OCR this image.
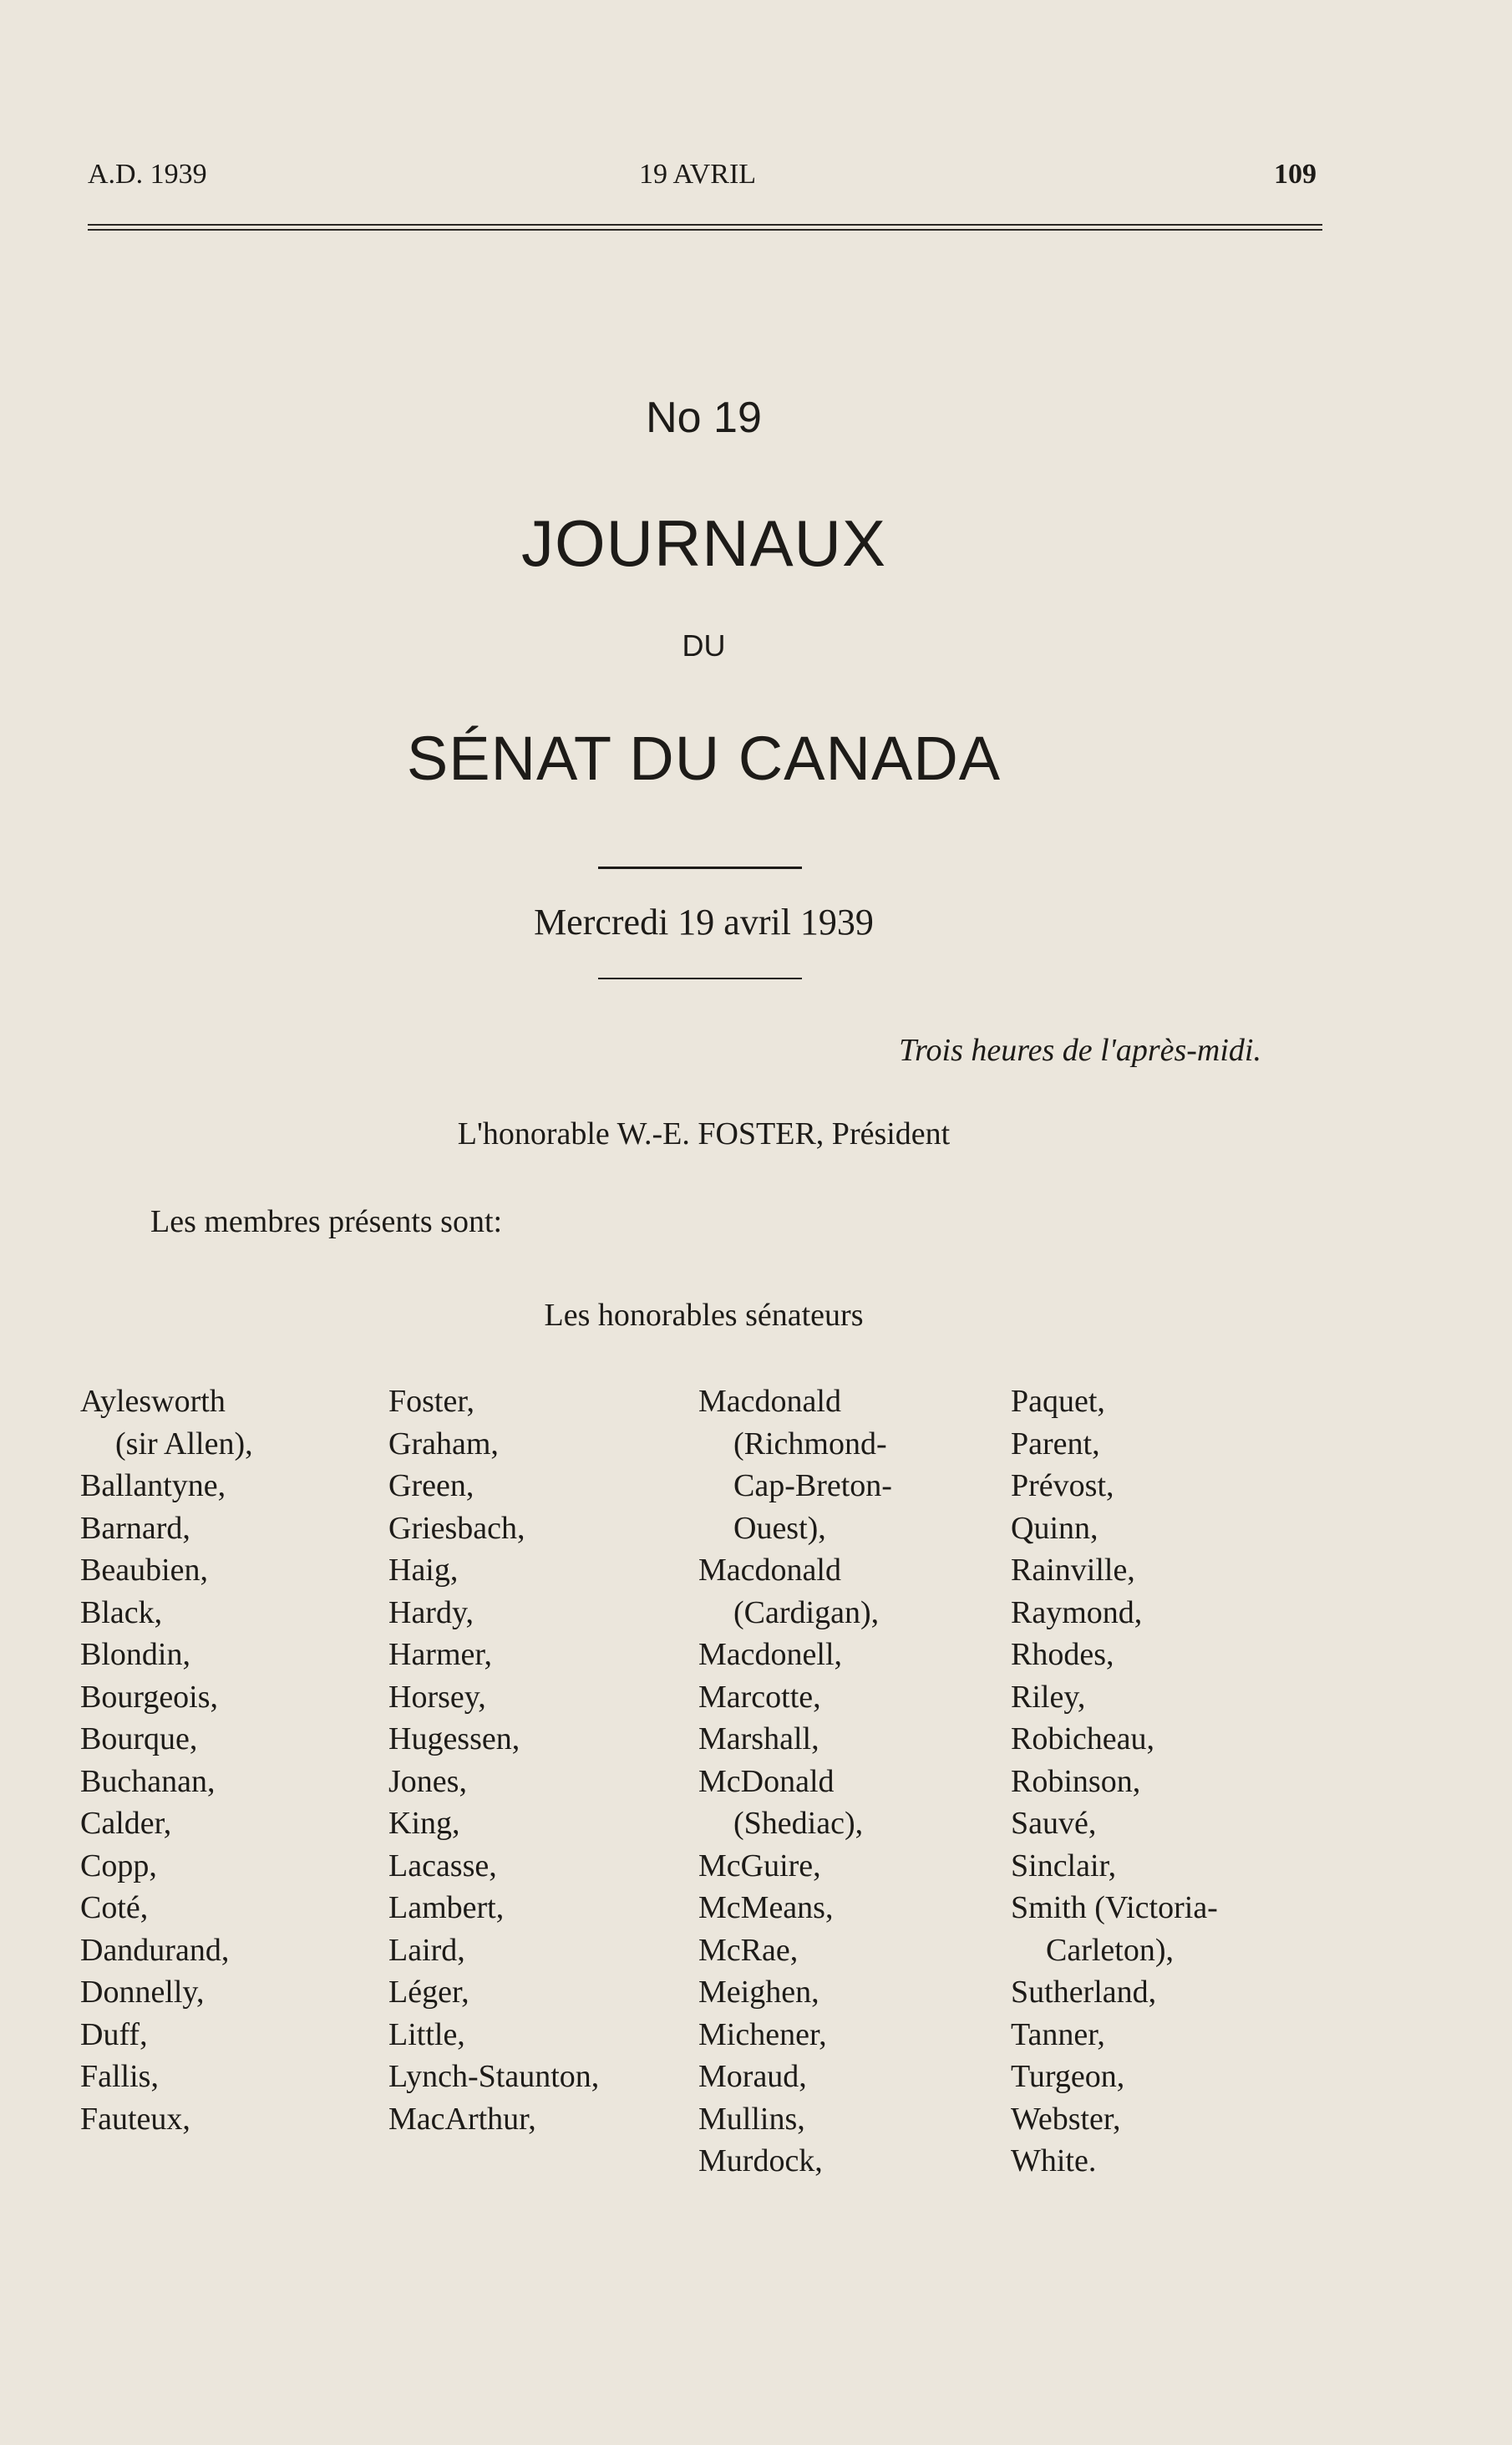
A.D. 1939	19 AVRIL	109
No 19
JOURNAUX
DU
SÉNAT DU CANADA
Mercredi 19 avril 1939
Trois heures de l'après-midi.
L'honorable W.-E. FOSTER, Président
Les membres présents sont:
Les honorables sénateurs
Aylesworth
(sir Allen),
Ballantyne,
Barnard,
Beaubien,
Black,
Blondin,
Bourgeois,
Bourque,
Buchanan,
Calder,
Copp,
Coté,
Dandurand,
Donnelly,
Duff,
Fallis,
Fauteux,
Foster,
Graham,
Green,
Griesbach,
Haig,
Hardy,
Harmer,
Horsey,
Hugessen,
Jones,
King,
Lacasse,
Lambert,
Laird,
Léger,
Little,
Lynch-Staunton,
MacArthur,
Macdonald
(Richmond-
Cap-Breton-
Ouest),
Macdonald
(Cardigan),
Macdonell,
Marcotte,
Marshall,
McDonald
(Shediac),
McGuire,
McMeans,
McRae,
Meighen,
Michener,
Moraud,
Mullins,
Murdock,
Paquet,
Parent,
Prévost,
Quinn,
Rainville,
Raymond,
Rhodes,
Riley,
Robicheau,
Robinson,
Sauvé,
Sinclair,
Smith (Victoria-
Carleton),
Sutherland,
Tanner,
Turgeon,
Webster,
White.
